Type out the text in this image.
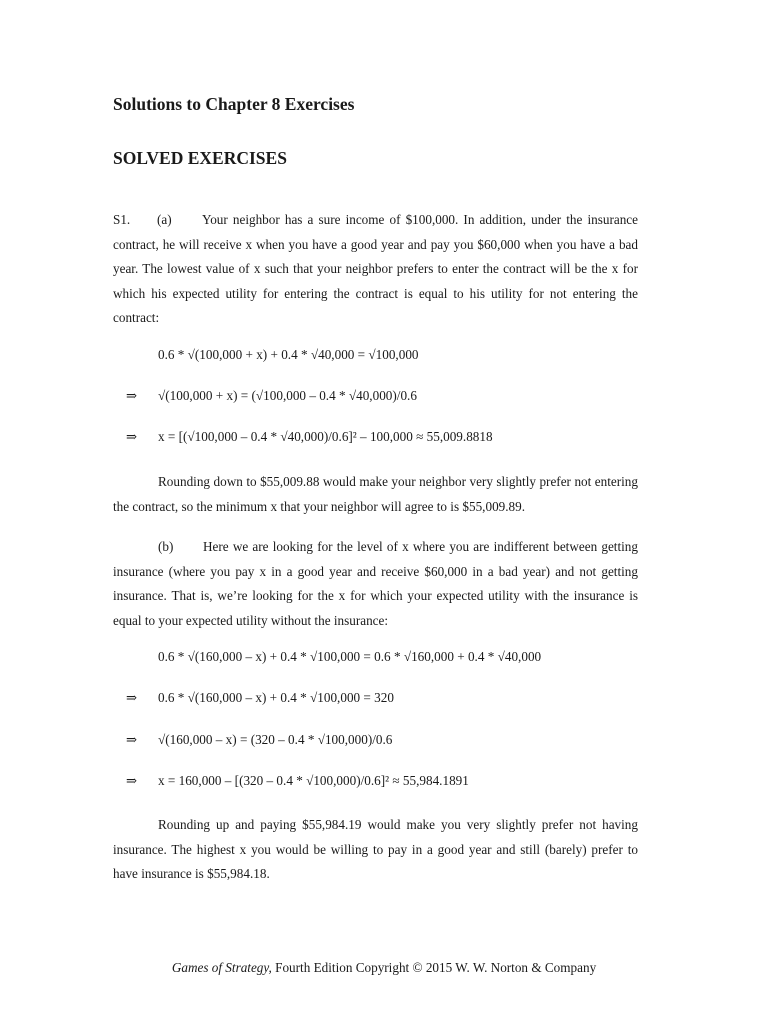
Solutions to Chapter 8 Exercises
SOLVED EXERCISES
S1. (a) Your neighbor has a sure income of $100,000. In addition, under the insurance contract, he will receive x when you have a good year and pay you $60,000 when you have a bad year. The lowest value of x such that your neighbor prefers to enter the contract will be the x for which his expected utility for entering the contract is equal to his utility for not entering the contract:
0.6 * √(100,000 + x) + 0.4 * √40,000 = √100,000
⇒ √(100,000 + x) = (√100,000 – 0.4 * √40,000)/0.6
⇒ x = [(√100,000 – 0.4 * √40,000)/0.6]² – 100,000 ≈ 55,009.8818
Rounding down to $55,009.88 would make your neighbor very slightly prefer not entering the contract, so the minimum x that your neighbor will agree to is $55,009.89.
(b) Here we are looking for the level of x where you are indifferent between getting insurance (where you pay x in a good year and receive $60,000 in a bad year) and not getting insurance. That is, we’re looking for the x for which your expected utility with the insurance is equal to your expected utility without the insurance:
0.6 * √(160,000 – x) + 0.4 * √100,000 = 0.6 * √160,000 + 0.4 * √40,000
⇒ 0.6 * √(160,000 – x) + 0.4 * √100,000 = 320
⇒ √(160,000 – x) = (320 – 0.4 * √100,000)/0.6
⇒ x = 160,000 – [(320 – 0.4 * √100,000)/0.6]² ≈ 55,984.1891
Rounding up and paying $55,984.19 would make you very slightly prefer not having insurance. The highest x you would be willing to pay in a good year and still (barely) prefer to have insurance is $55,984.18.
Games of Strategy, Fourth Edition Copyright © 2015 W. W. Norton & Company
